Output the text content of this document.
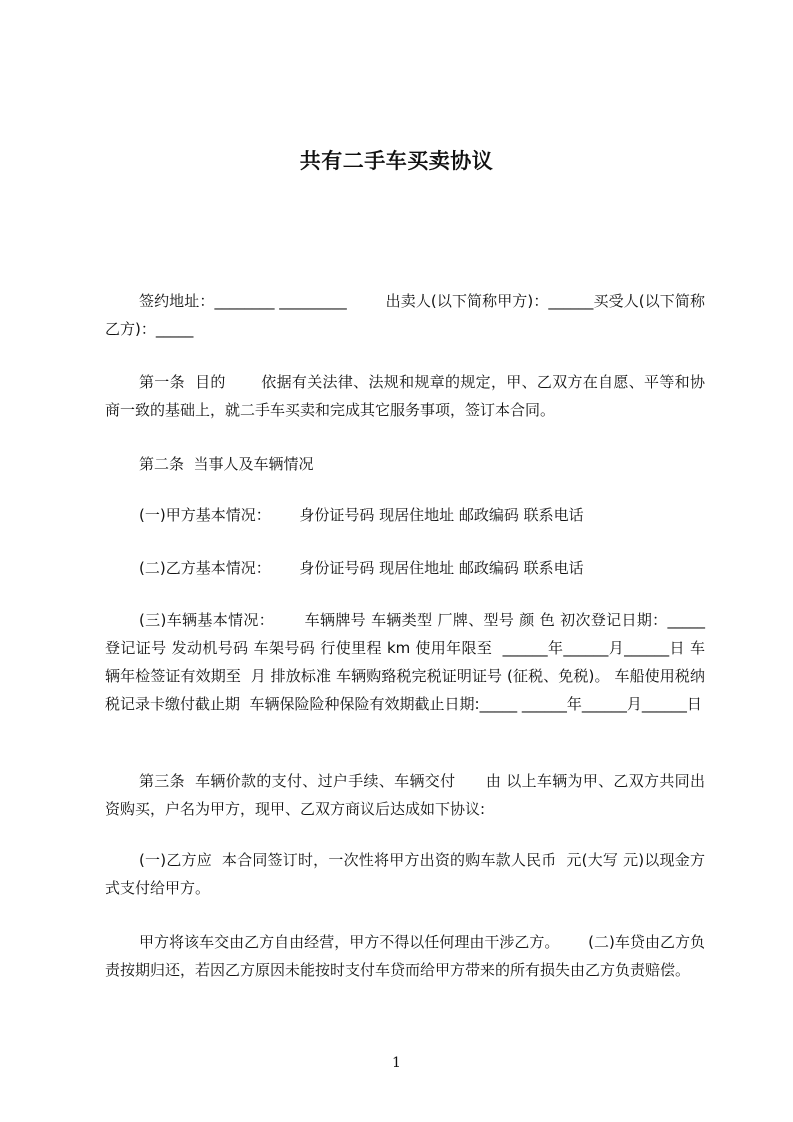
共有二手车买卖协议

签约地址：________ _________        出卖人(以下简称甲方)：______买受人(以下简称乙方)：_____

第一条  目的       依据有关法律、法规和规章的规定，甲、乙双方在自愿、平等和协商一致的基础上，就二手车买卖和完成其它服务事项，签订本合同。

第二条  当事人及车辆情况

(一)甲方基本情况：      身份证号码 现居住地址 邮政编码 联系电话

(二)乙方基本情况：      身份证号码 现居住地址 邮政编码 联系电话

(三)车辆基本情况：      车辆牌号 车辆类型 厂牌、型号 颜 色 初次登记日期：_____ 登记证号 发动机号码 车架号码 行使里程 km 使用年限至  ______年______月______日 车辆年检签证有效期至  月 排放标准 车辆购臵税完税证明证号 (征税、免税)。 车船使用税纳税记录卡缴付截止期  车辆保险险种保险有效期截止日期:_____ ______年______月______日

第三条  车辆价款的支付、过户手续、车辆交付      由 以上车辆为甲、乙双方共同出资购买，户名为甲方，现甲、乙双方商议后达成如下协议:

(一)乙方应  本合同签订时，一次性将甲方出资的购车款人民币  元(大写 元)以现金方式支付给甲方。

甲方将该车交由乙方自由经营，甲方不得以任何理由干涉乙方。      (二)车贷由乙方负责按期归还，若因乙方原因未能按时支付车贷而给甲方带来的所有损失由乙方负责赔偿。

1
